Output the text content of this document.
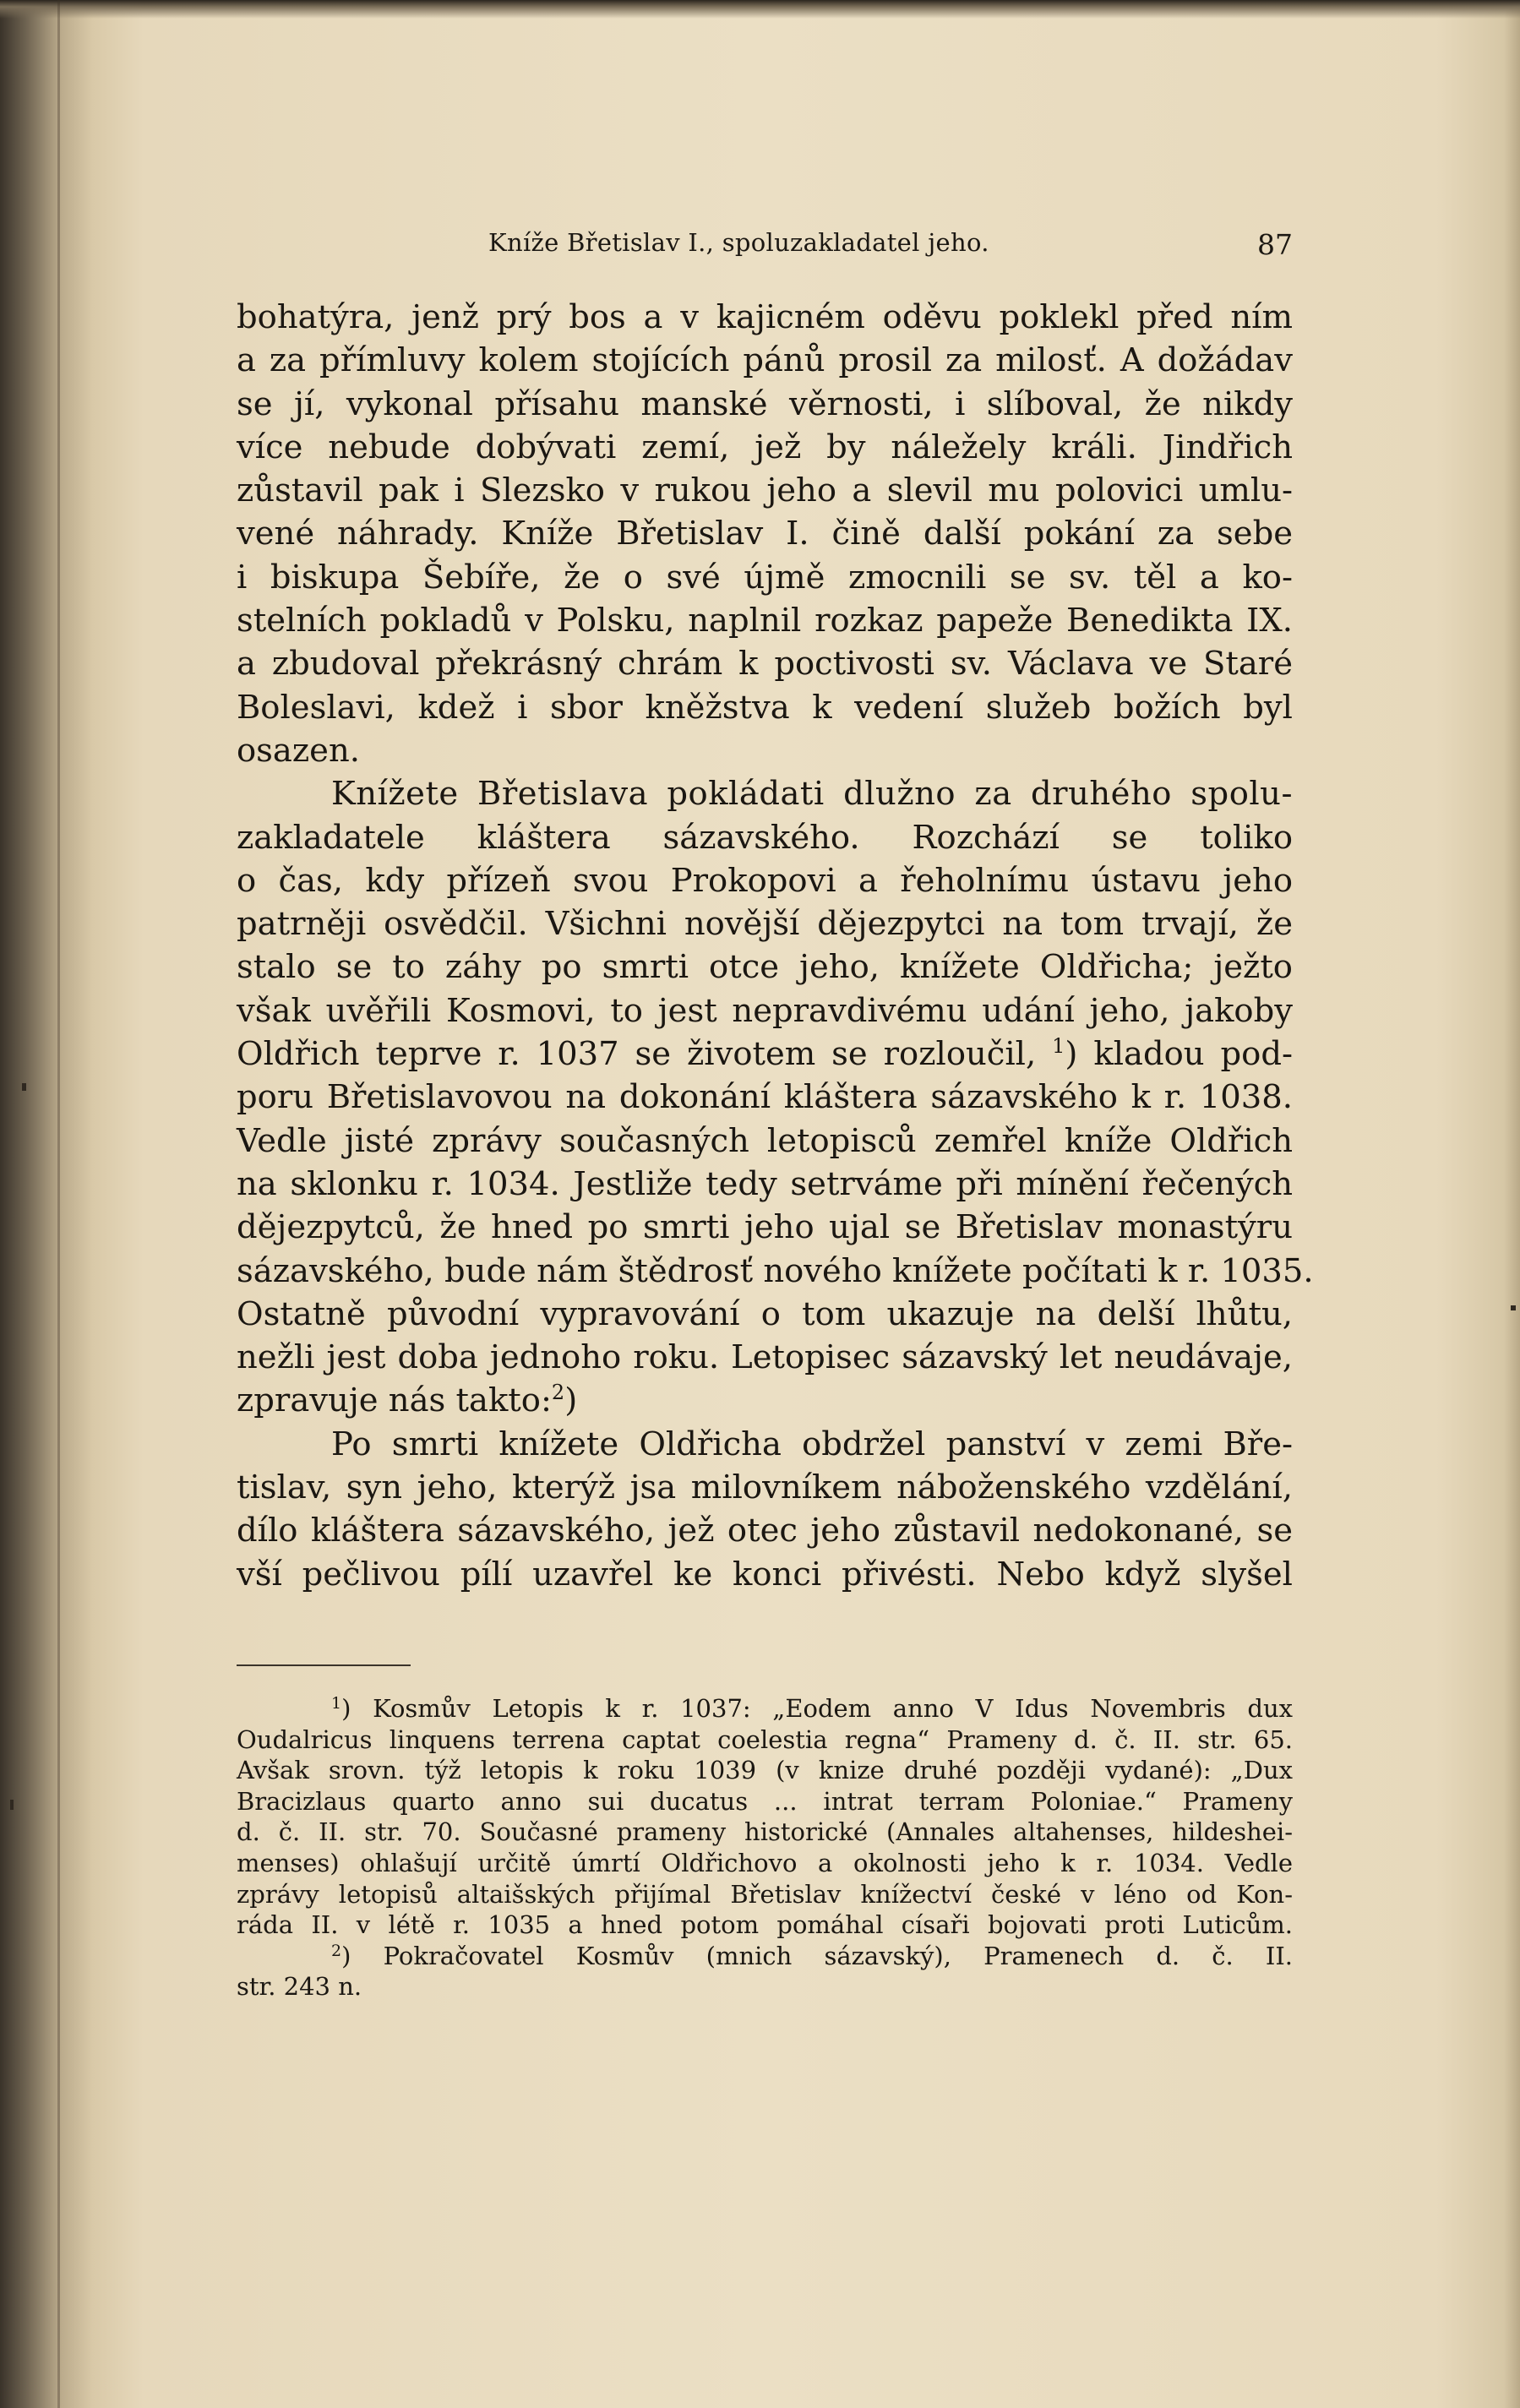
Kníže Břetislav I., spoluzakladatel jeho.	87
bohatýra, jenž prý bos a v kajicném oděvu poklekl před ním
a za přímluvy kolem stojících pánů prosil za milosť. A dožádav
se jí, vykonal přísahu manské věrnosti, i slíboval, že nikdy
více nebude dobývati zemí, jež by náležely králi. Jindřich
zůstavil pak i Slezsko v rukou jeho a slevil mu polovici umlu-
vené náhrady. Kníže Břetislav I. čině další pokání za sebe
i biskupa Šebíře, že o své újmě zmocnili se sv. těl a ko-
stelních pokladů v Polsku, naplnil rozkaz papeže Benedikta IX.
a zbudoval překrásný chrám k poctivosti sv. Václava ve Staré
Boleslavi, kdež i sbor kněžstva k vedení služeb božích byl
osazen.
Knížete Břetislava pokládati dlužno za druhého spolu-
zakladatele kláštera sázavského. Rozchází se toliko
o čas, kdy přízeň svou Prokopovi a řeholnímu ústavu jeho
patrněji osvědčil. Všichni novější dějezpytci na tom trvají, že
stalo se to záhy po smrti otce jeho, knížete Oldřicha; ježto
však uvěřili Kosmovi, to jest nepravdivému udání jeho, jakoby
Oldřich teprve r. 1037 se životem se rozloučil, $^1$) kladou pod-
poru Břetislavovou na dokonání kláštera sázavského k r. 1038.
Vedle jisté zprávy současných letopisců zemřel kníže Oldřich
na sklonku r. 1034. Jestliže tedy setrváme při mínění řečených
dějezpytců, že hned po smrti jeho ujal se Břetislav monastýru
sázavského, bude nám štědrosť nového knížete počítati k r. 1035.
Ostatně původní vypravování o tom ukazuje na delší lhůtu,
nežli jest doba jednoho roku. Letopisec sázavský let neudávaje,
zpravuje nás takto:$^2$)
Po smrti knížete Oldřicha obdržel panství v zemi Bře-
tislav, syn jeho, kterýž jsa milovníkem náboženského vzdělání,
dílo kláštera sázavského, jež otec jeho zůstavil nedokonané, se
vší pečlivou pílí uzavřel ke konci přivésti. Nebo když slyšel
$^1$) Kosmův Letopis k r. 1037: „Eodem anno V Idus Novembris dux
Oudalricus linquens terrena captat coelestia regna“ Prameny d. č. II. str. 65.
Avšak srovn. týž letopis k roku 1039 (v knize druhé později vydané): „Dux
Bracizlaus quarto anno sui ducatus ... intrat terram Poloniae.“ Prameny
d. č. II. str. 70. Současné prameny historické (Annales altahenses, hildeshei-
menses) ohlašují určitě úmrtí Oldřichovo a okolnosti jeho k r. 1034. Vedle
zprávy letopisů altaišských přijímal Břetislav knížectví české v léno od Kon-
ráda II. v létě r. 1035 a hned potom pomáhal císaři bojovati proti Luticům.
$^2$) Pokračovatel Kosmův (mnich sázavský), Pramenech d. č. II.
str. 243 n.
